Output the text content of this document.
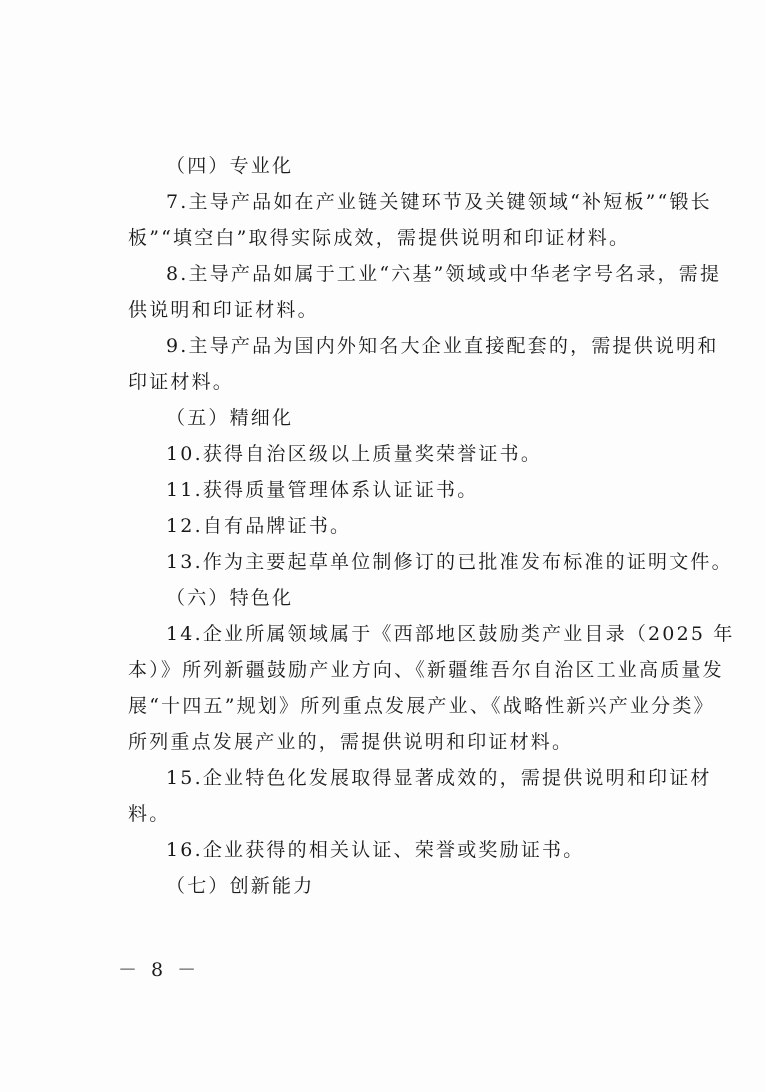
（四）专业化

7.主导产品如在产业链关键环节及关键领域“补短板”“锻长

板”“填空白”取得实际成效，需提供说明和印证材料。

8.主导产品如属于工业“六基”领域或中华老字号名录，需提

供说明和印证材料。

9.主导产品为国内外知名大企业直接配套的，需提供说明和

印证材料。

（五）精细化

10.获得自治区级以上质量奖荣誉证书。

11.获得质量管理体系认证证书。

12.自有品牌证书。

13.作为主要起草单位制修订的已批准发布标准的证明文件。

（六）特色化

14.企业所属领域属于《西部地区鼓励类产业目录（2025 年

本）》所列新疆鼓励产业方向、《新疆维吾尔自治区工业高质量发

展“十四五”规划》所列重点发展产业、《战略性新兴产业分类》

所列重点发展产业的，需提供说明和印证材料。

15.企业特色化发展取得显著成效的，需提供说明和印证材

料。

16.企业获得的相关认证、荣誉或奖励证书。

（七）创新能力

－ 8 －
